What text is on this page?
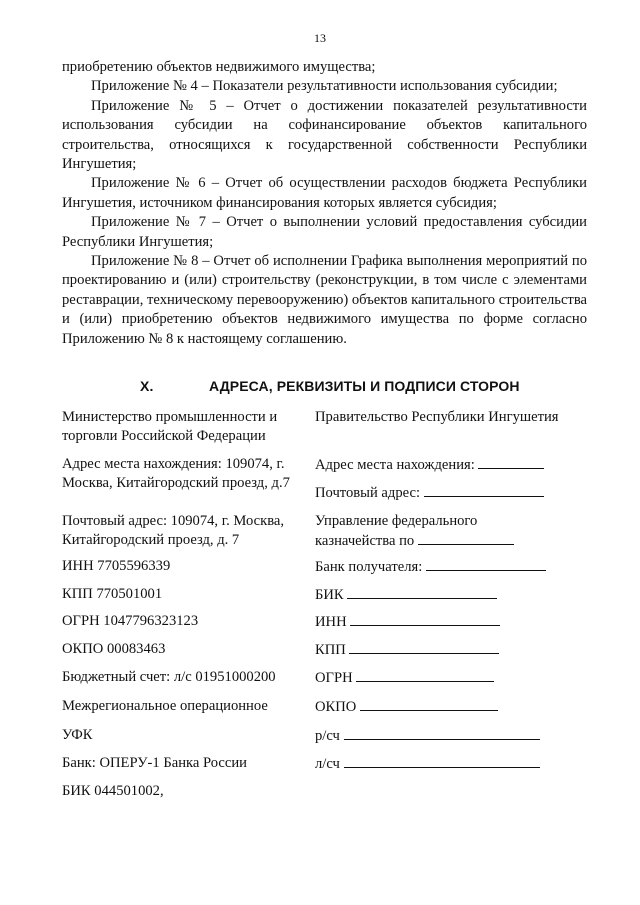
13

приобретению объектов недвижимого имущества;

Приложение № 4 – Показатели результативности использования субсидии;

Приложение № 5 – Отчет о достижении показателей результативности использования субсидии на софинансирование объектов капитального строительства, относящихся к государственной собственности Республики Ингушетия;

Приложение № 6 – Отчет об осуществлении расходов бюджета Республики Ингушетия, источником финансирования которых является субсидия;

Приложение № 7 – Отчет о выполнении условий предоставления субсидии Республики Ингушетия;

Приложение № 8 – Отчет об исполнении Графика выполнения мероприятий по проектированию и (или) строительству (реконструкции, в том числе с элементами реставрации, техническому перевооружению) объектов капитального строительства и (или) приобретению объектов недвижимого имущества по форме согласно Приложению № 8 к настоящему соглашению.

X.	АДРЕСА, РЕКВИЗИТЫ И ПОДПИСИ СТОРОН
Министерство промышленности и торговли Российской Федерации
Адрес места нахождения: 109074, г. Москва, Китайгородский проезд, д.7
Почтовый адрес: 109074, г. Москва, Китайгородский проезд, д. 7
ИНН 7705596339
КПП 770501001
ОГРН 1047796323123
ОКПО 00083463
Бюджетный счет: л/с 01951000200
Межрегиональное операционное
УФК
Банк: ОПЕРУ-1 Банка России
БИК 044501002,
Правительство Республики Ингушетия
Адрес места нахождения:
Почтовый адрес:
Управление федерального
казначейства по
Банк получателя:
БИК
ИНН
КПП
ОГРН
ОКПО
р/сч
л/сч
